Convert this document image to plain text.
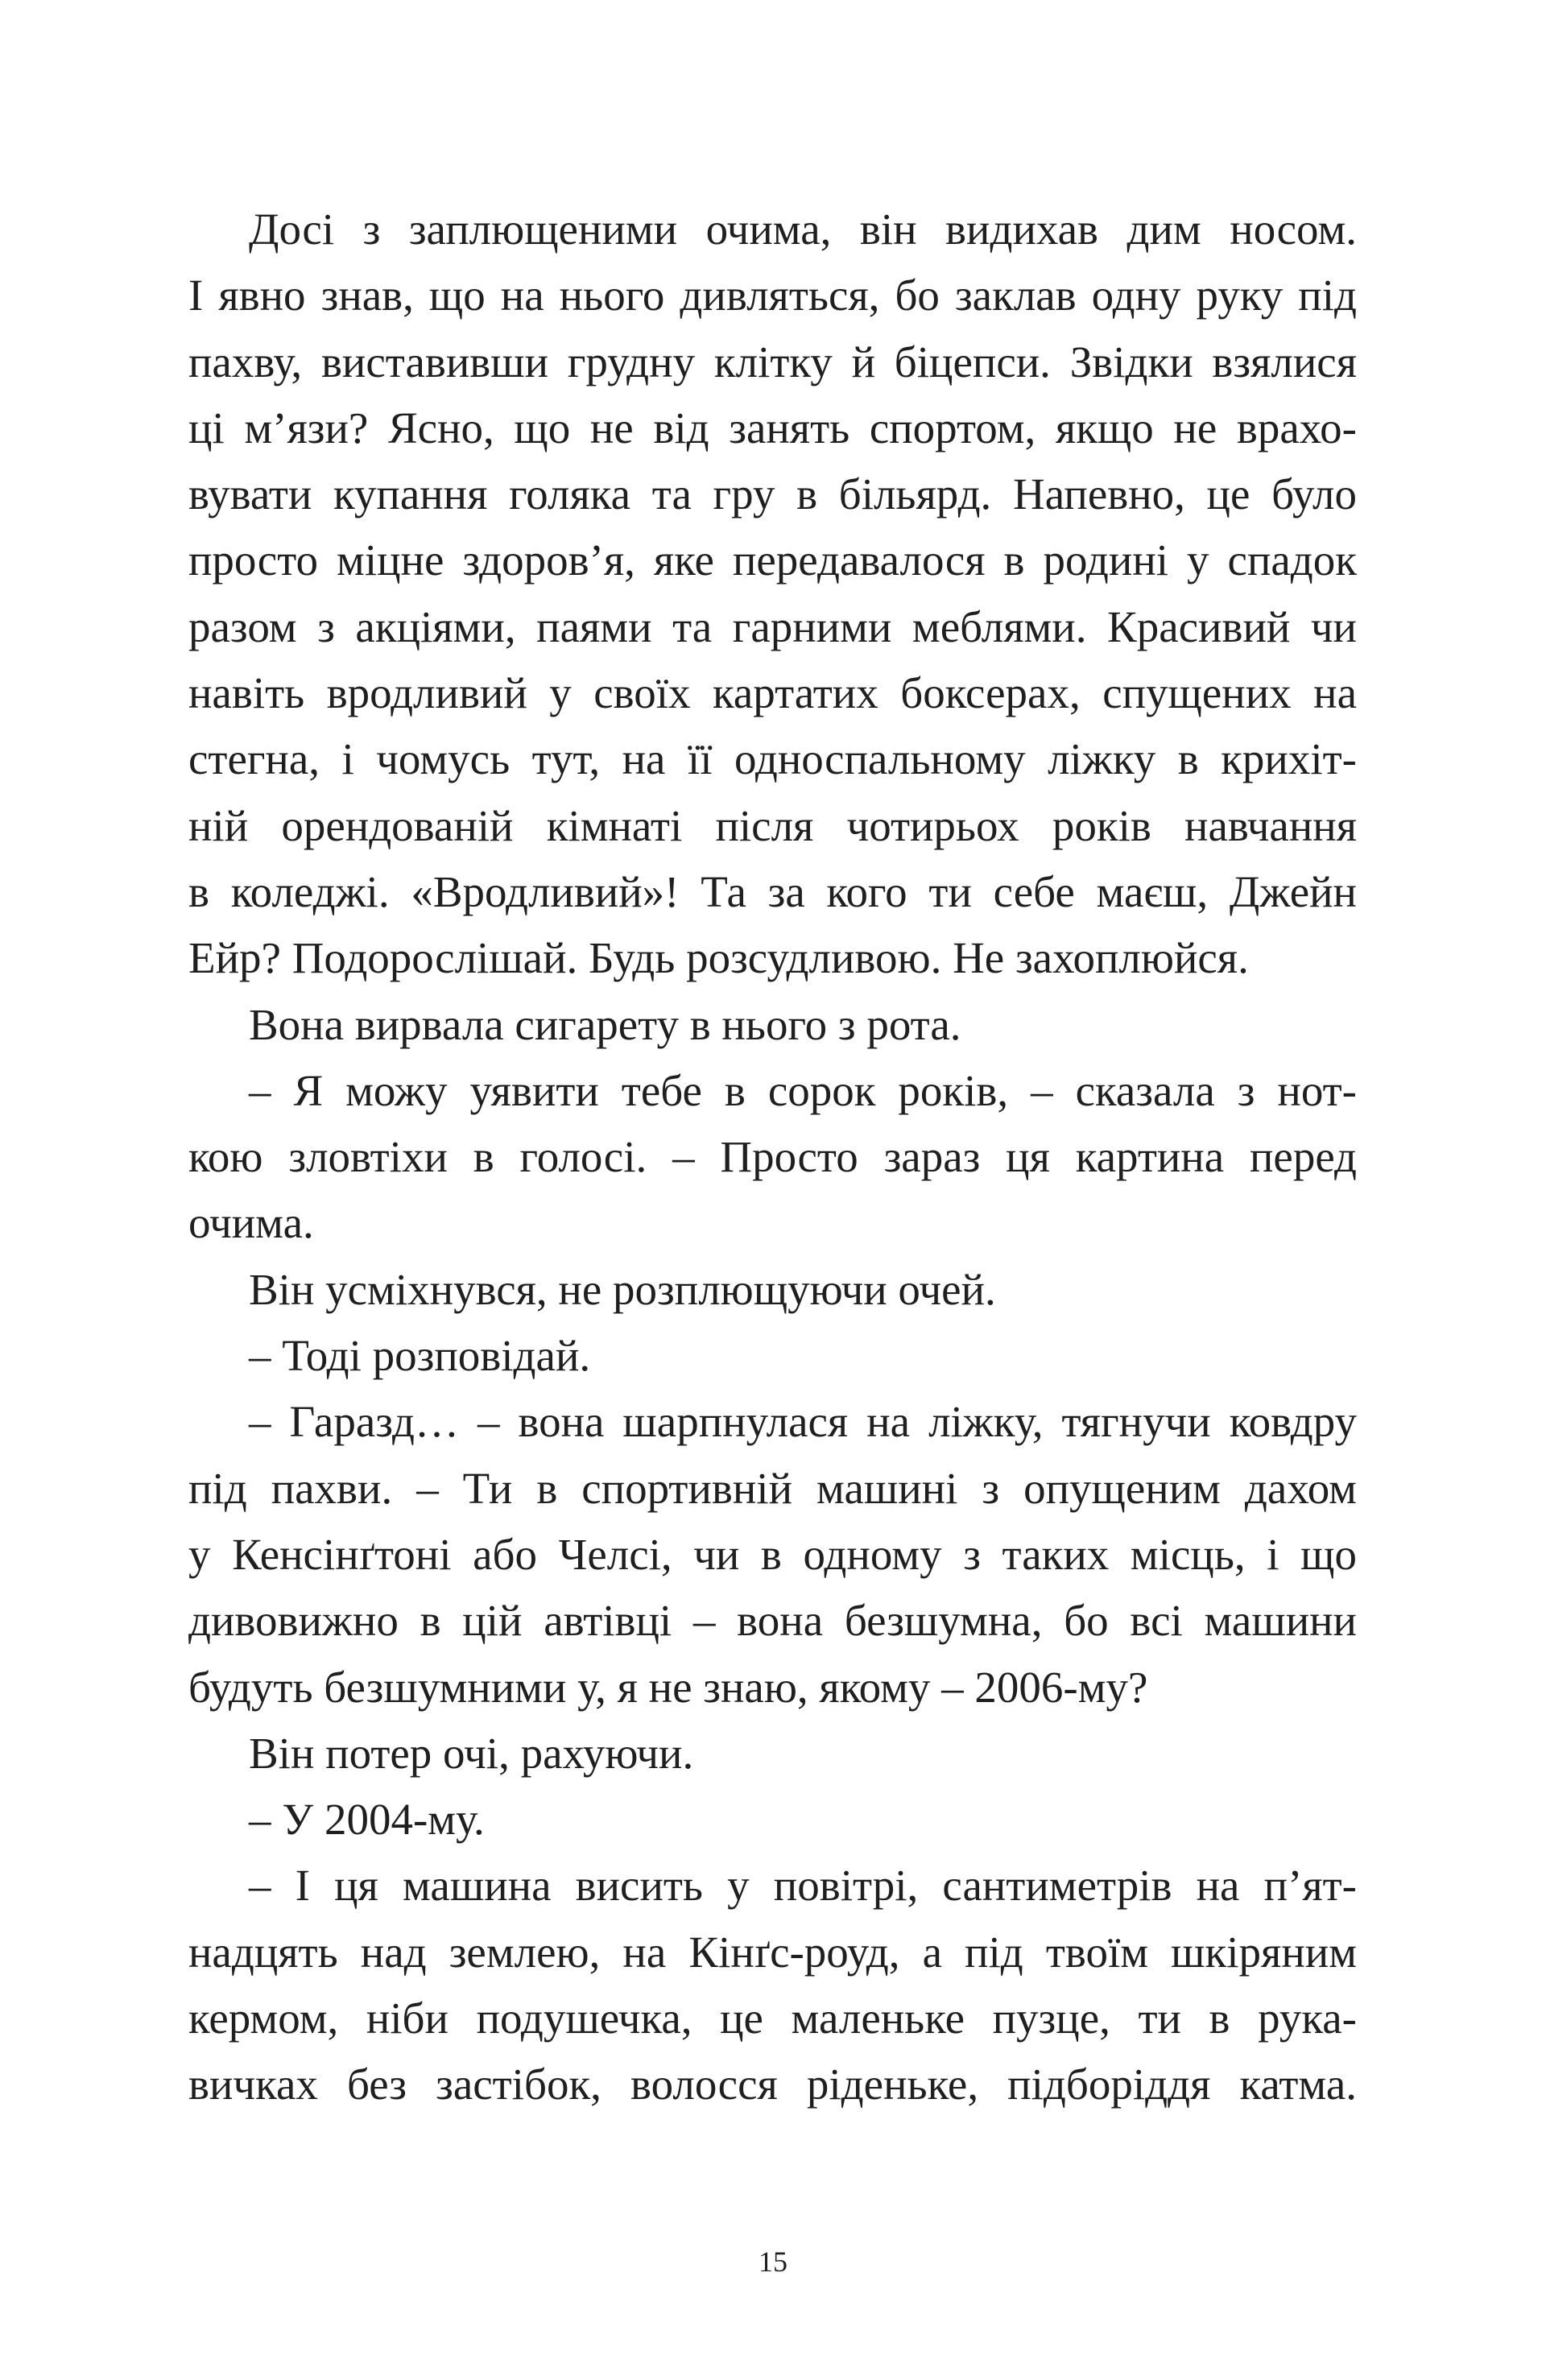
Досі з заплющеними очима, він видихав дим носом.
І явно знав, що на нього дивляться, бо заклав одну руку під
пахву, виставивши грудну клітку й біцепси. Звідки взялися
ці м’язи? Ясно, що не від занять спортом, якщо не врахо-
вувати купання голяка та гру в більярд. Напевно, це було
просто міцне здоров’я, яке передавалося в родині у спадок
разом з акціями, паями та гарними меблями. Красивий чи
навіть вродливий у своїх картатих боксерах, спущених на
стегна, і чомусь тут, на її односпальному ліжку в крихіт-
ній орендованій кімнаті після чотирьох років навчання
в коледжі. «Вродливий»! Та за кого ти себе маєш, Джейн
Ейр? Подорослішай. Будь розсудливою. Не захоплюйся.
Вона вирвала сигарету в нього з рота.
– Я можу уявити тебе в сорок років, – сказала з нот-
кою зловтіхи в голосі. – Просто зараз ця картина перед
очима.
Він усміхнувся, не розплющуючи очей.
– Тоді розповідай.
– Гаразд… – вона шарпнулася на ліжку, тягнучи ковдру
під пахви. – Ти в спортивній машині з опущеним дахом
у Кенсінґтоні або Челсі, чи в одному з таких місць, і що
дивовижно в цій автівці – вона безшумна, бо всі машини
будуть безшумними у, я не знаю, якому – 2006-му?
Він потер очі, рахуючи.
– У 2004-му.
– І ця машина висить у повітрі, сантиметрів на п’ят-
надцять над землею, на Кінґс-роуд, а під твоїм шкіряним
кермом, ніби подушечка, це маленьке пузце, ти в рука-
вичках без застібок, волосся ріденьке, підборіддя катма.
15
